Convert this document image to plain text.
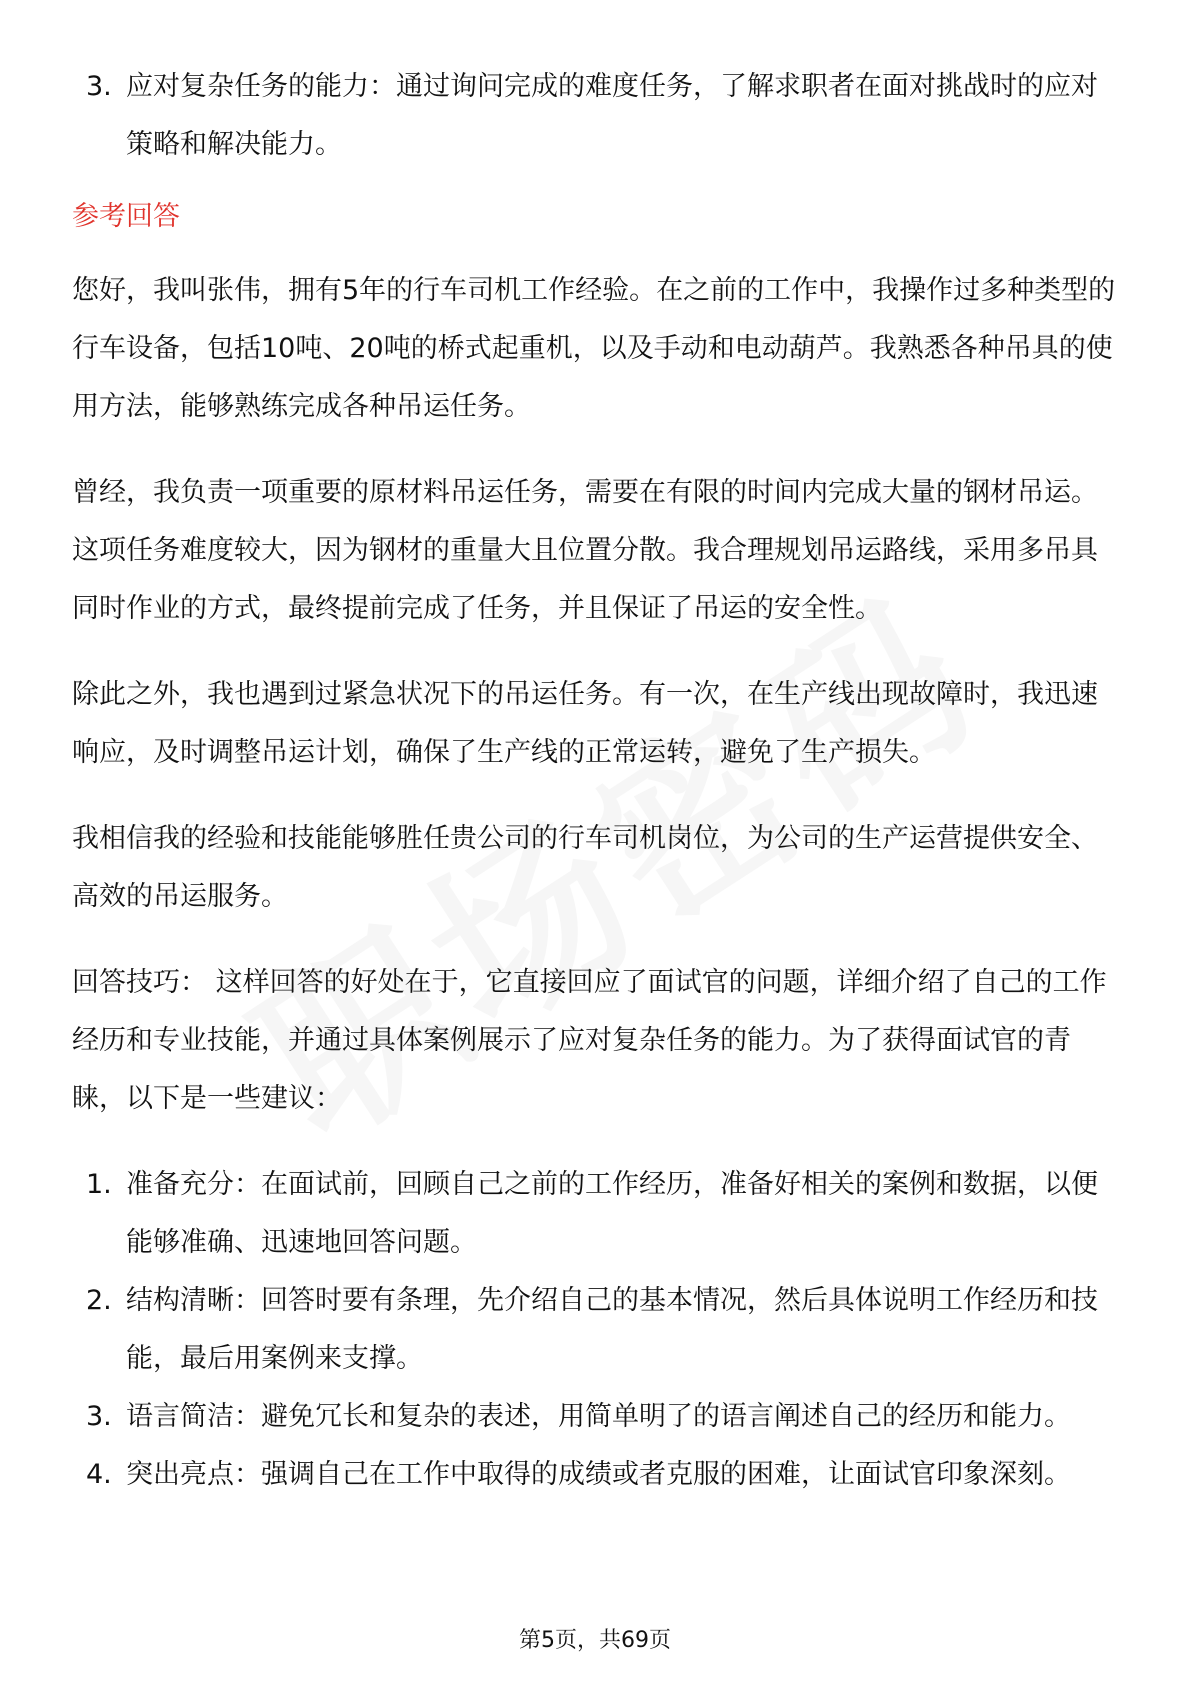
3. 应对复杂任务的能力：通过询问完成的难度任务，了解求职者在面对挑战时的应对策略和解决能力。
参考回答

您好，我叫张伟，拥有5年的行车司机工作经验。在之前的工作中，我操作过多种类型的行车设备，包括10吨、20吨的桥式起重机，以及手动和电动葫芦。我熟悉各种吊具的使用方法，能够熟练完成各种吊运任务。

曾经，我负责一项重要的原材料吊运任务，需要在有限的时间内完成大量的钢材吊运。这项任务难度较大，因为钢材的重量大且位置分散。我合理规划吊运路线，采用多吊具同时作业的方式，最终提前完成了任务，并且保证了吊运的安全性。

除此之外，我也遇到过紧急状况下的吊运任务。有一次，在生产线出现故障时，我迅速响应，及时调整吊运计划，确保了生产线的正常运转，避免了生产损失。

我相信我的经验和技能能够胜任贵公司的行车司机岗位，为公司的生产运营提供安全、高效的吊运服务。

回答技巧： 这样回答的好处在于，它直接回应了面试官的问题，详细介绍了自己的工作经历和专业技能，并通过具体案例展示了应对复杂任务的能力。为了获得面试官的青睐，以下是一些建议：

1. 准备充分：在面试前，回顾自己之前的工作经历，准备好相关的案例和数据，以便能够准确、迅速地回答问题。
2. 结构清晰：回答时要有条理，先介绍自己的基本情况，然后具体说明工作经历和技能，最后用案例来支撑。
3. 语言简洁：避免冗长和复杂的表述，用简单明了的语言阐述自己的经历和能力。
4. 突出亮点：强调自己在工作中取得的成绩或者克服的困难，让面试官印象深刻。
第5页，共69页
